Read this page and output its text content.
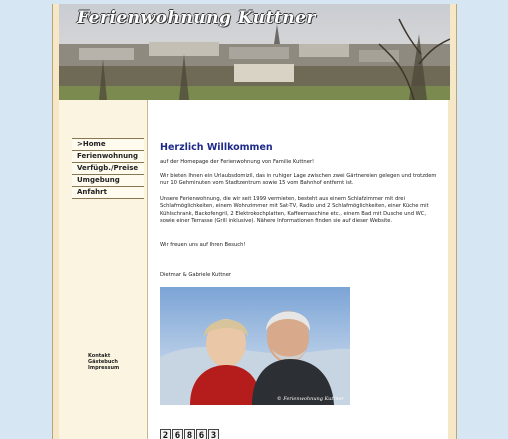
Ferienwohnung Kuttner
Herzlich Willkommen

auf der Homepage der Ferienwohnung von Familie Kuttner!

Wir bieten Ihnen ein Urlaubsdomizil, das in ruhiger Lage zwischen zwei Gärtnereien gelegen und trotzdem nur 10 Gehminuten vom Stadtzentrum sowie 15 vom Bahnhof entfernt ist.

Unsere Ferienwohnung, die wir seit 1999 vermieten, besteht aus einem Schlafzimmer mit drei Schlafmöglichkeiten, einem Wohnzimmer mit Sat-TV, Radio und 2 Schlafmöglichkeiten, einer Küche mit Kühlschrank, Backofengril, 2 Elektrokochplatten, Kaffeemaschine etc., einem Bad mit Dusche und WC, sowie einer Terrasse (Grill inklusive). Nähere Informationen finden sie auf dieser Website.

Wir freuen uns auf Ihren Besuch!

Dietmar & Gabriele Kuttner

© Ferienwohnung Kuttner
2 6 8 6 3
>Home
Ferienwohnung
Verfügb./Preise
Umgebung
Anfahrt
Kontakt
Gästebuch
Impressum
